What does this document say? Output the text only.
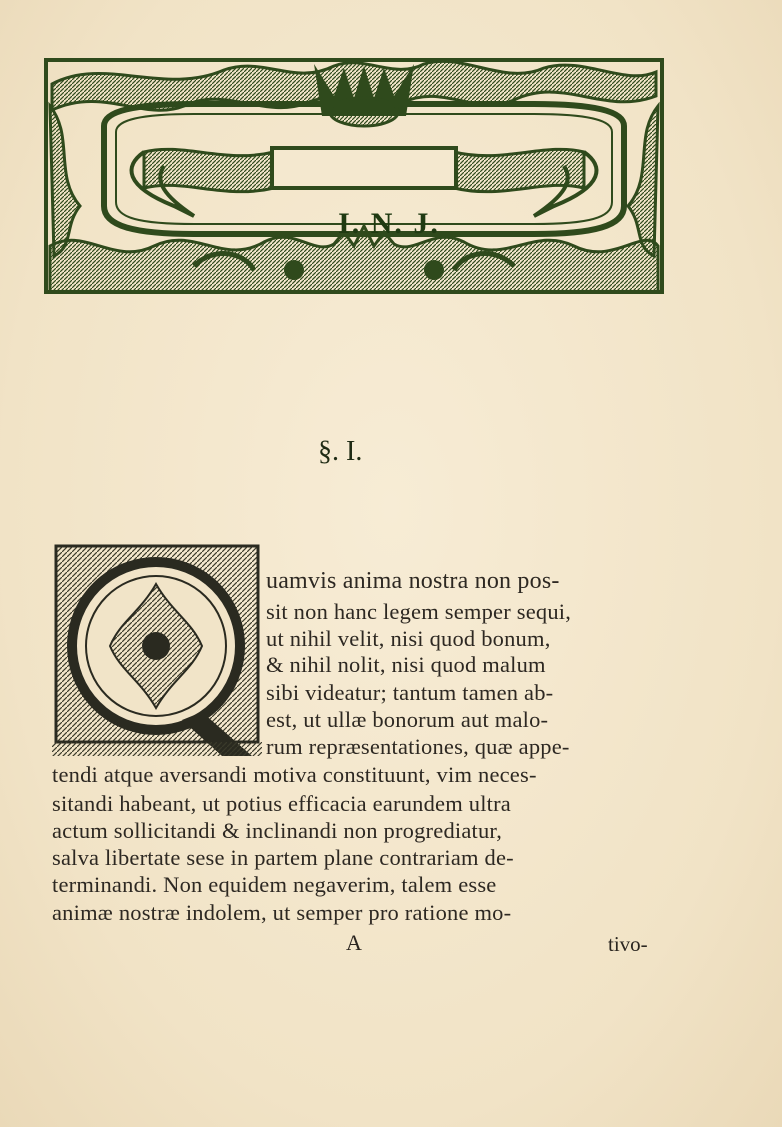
I. N. J.
§. I.
uamvis anima nostra non pos-
sit non hanc legem semper sequi,
ut nihil velit, nisi quod bonum,
& nihil nolit, nisi quod malum
sibi videatur; tantum tamen ab-
est, ut ullæ bonorum aut malo-
rum repræsentationes, quæ appe-
tendi atque aversandi motiva constituunt, vim neces-
sitandi habeant, ut potius efficacia earundem ultra
actum sollicitandi & inclinandi non progrediatur,
salva libertate sese in partem plane contrariam de-
terminandi. Non equidem negaverim, talem esse
animæ nostræ indolem, ut semper pro ratione mo-
A	tivo-
